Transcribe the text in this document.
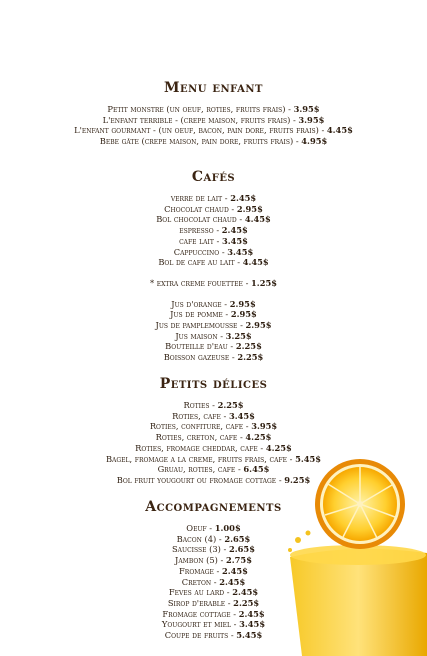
Menu enfant
Petit monstre (un oeuf, roties, fruits frais) - 3.95$
L'enfant terrible - (crepe maison, fruits frais) - 3.95$
L'enfant gourmant - (un oeuf, bacon, pain dore, fruits frais) - 4.45$
Bebe gâte (crepe maison, pain dore, fruits frais) - 4.95$
Cafés
verre de lait - 2.45$
Chocolat chaud - 2.95$
Bol chocolat chaud - 4.45$
espresso - 2.45$
cafe lait - 3.45$
Cappuccino - 3.45$
Bol de cafe au lait - 4.45$
* extra creme fouettee - 1.25$
Jus d'orange - 2.95$
Jus de pomme - 2.95$
Jus de pamplemousse - 2.95$
Jus maison - 3.25$
Bouteille d'eau - 2.25$
Boisson gazeuse - 2.25$
Petits délices
Roties - 2.25$
Roties, cafe - 3.45$
Roties, confiture, cafe - 3.95$
Roties, creton, cafe - 4.25$
Roties, fromage cheddar, cafe - 4.25$
Bagel, fromage a la creme, fruits frais, cafe - 5.45$
Gruau, roties, cafe - 6.45$
Bol fruit yougourt ou fromage cottage - 9.25$
Accompagnements
Oeuf - 1.00$
Bacon (4) - 2.65$
Saucisse (3) - 2.65$
Jambon (5) - 2.75$
Fromage - 2.45$
Creton - 2.45$
Feves au lard - 2.45$
Sirop d'erable - 2.25$
Fromage cottage - 2.45$
Yougourt et miel - 3.45$
Coupe de fruits - 5.45$
